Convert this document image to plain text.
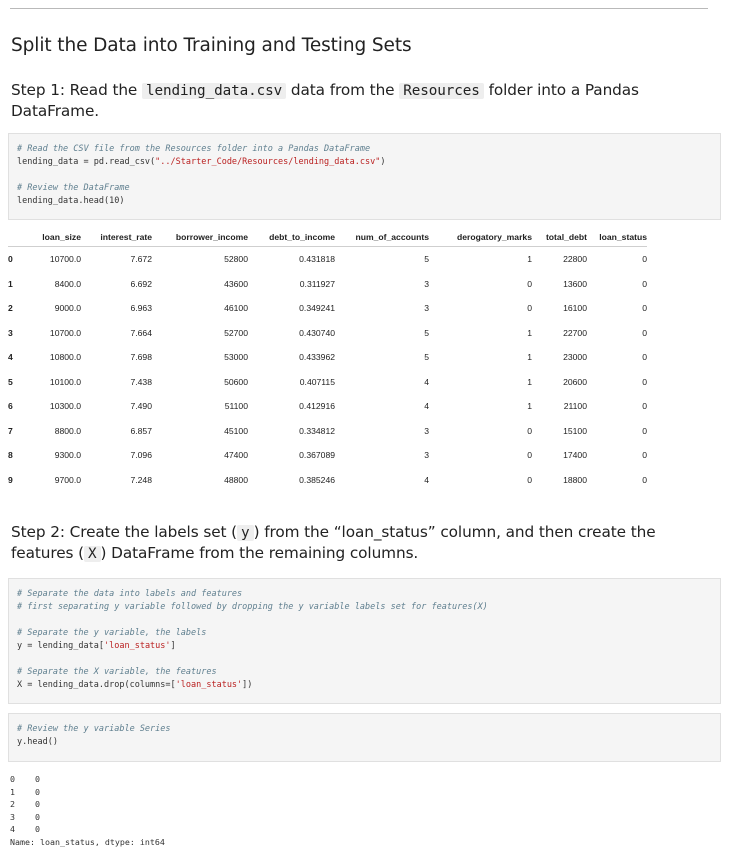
Split the Data into Training and Testing Sets
Step 1: Read the lending_data.csv data from the Resources folder into a Pandas DataFrame.
# Read the CSV file from the Resources folder into a Pandas DataFrame
lending_data = pd.read_csv("../Starter_Code/Resources/lending_data.csv")
# Review the DataFrame
lending_data.head(10)
	loan_size	interest_rate	borrower_income	debt_to_income	num_of_accounts	derogatory_marks	total_debt	loan_status
0	10700.0	7.672	52800	0.431818	5	1	22800	0
1	8400.0	6.692	43600	0.311927	3	0	13600	0
2	9000.0	6.963	46100	0.349241	3	0	16100	0
3	10700.0	7.664	52700	0.430740	5	1	22700	0
4	10800.0	7.698	53000	0.433962	5	1	23000	0
5	10100.0	7.438	50600	0.407115	4	1	20600	0
6	10300.0	7.490	51100	0.412916	4	1	21100	0
7	8800.0	6.857	45100	0.334812	3	0	15100	0
8	9300.0	7.096	47400	0.367089	3	0	17400	0
9	9700.0	7.248	48800	0.385246	4	0	18800	0
Step 2: Create the labels set ( y ) from the “loan_status” column, and then create the features ( X ) DataFrame from the remaining columns.
# Separate the data into labels and features
# first separating y variable followed by dropping the y variable labels set for features(X)
# Separate the y variable, the labels
y = lending_data['loan_status']
# Separate the X variable, the features
X = lending_data.drop(columns=['loan_status'])
# Review the y variable Series
y.head()
0    0
1    0
2    0
3    0
4    0
Name: loan_status, dtype: int64
